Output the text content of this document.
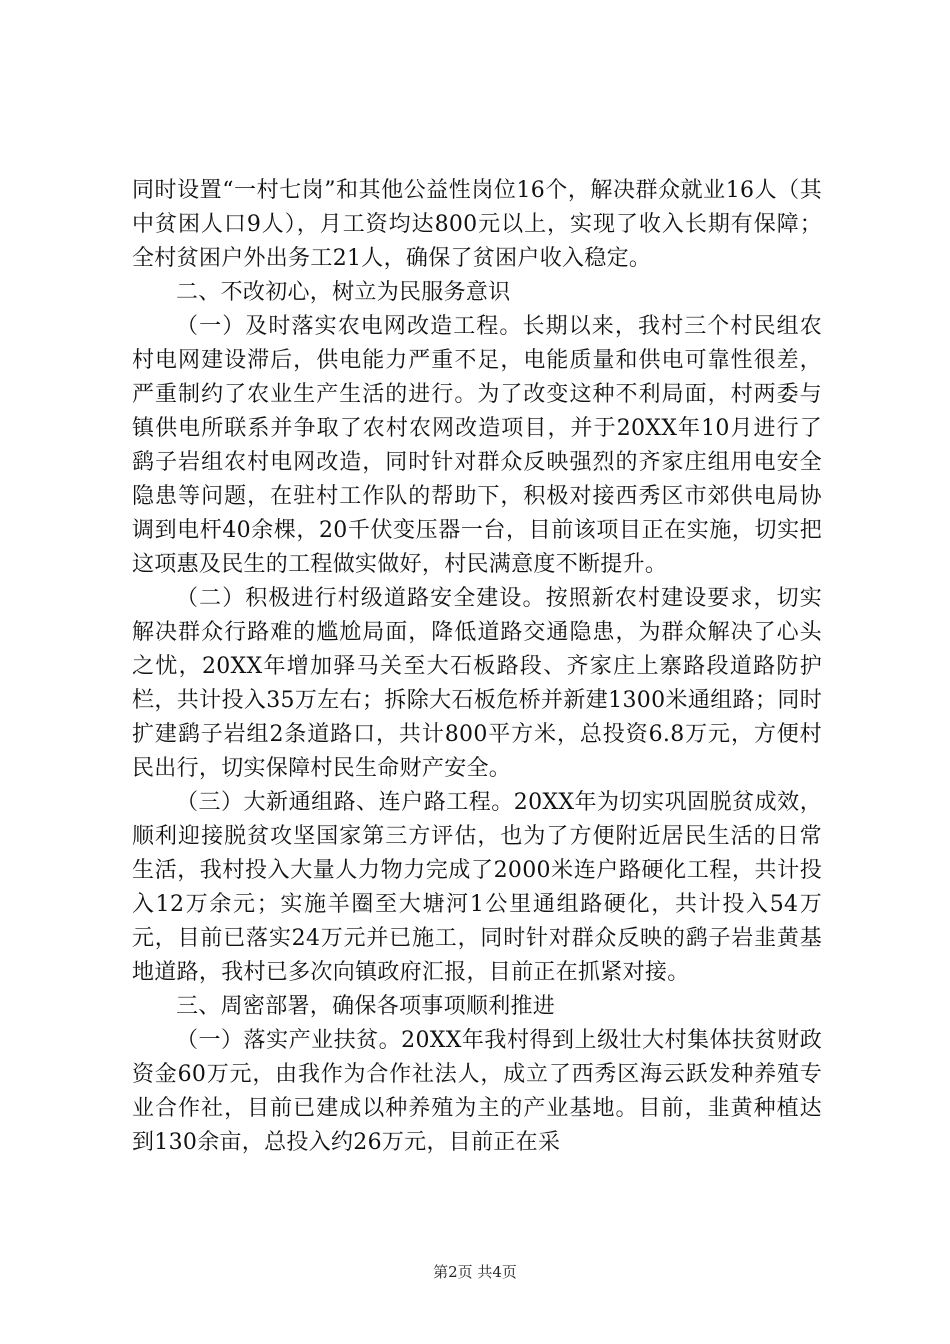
同时设置“一村七岗”和其他公益性岗位16个，解决群众就业16人（其中贫困人口9人），月工资均达800元以上，实现了收入长期有保障；全村贫困户外出务工21人，确保了贫困户收入稳定。

二、不改初心，树立为民服务意识

（一）及时落实农电网改造工程。长期以来，我村三个村民组农村电网建设滞后，供电能力严重不足，电能质量和供电可靠性很差，严重制约了农业生产生活的进行。为了改变这种不利局面，村两委与镇供电所联系并争取了农村农网改造项目，并于20XX年10月进行了鹞子岩组农村电网改造，同时针对群众反映强烈的齐家庄组用电安全隐患等问题，在驻村工作队的帮助下，积极对接西秀区市郊供电局协调到电杆40余棵，20千伏变压器一台，目前该项目正在实施，切实把这项惠及民生的工程做实做好，村民满意度不断提升。

（二）积极进行村级道路安全建设。按照新农村建设要求，切实解决群众行路难的尴尬局面，降低道路交通隐患，为群众解决了心头之忧，20XX年增加驿马关至大石板路段、齐家庄上寨路段道路防护栏，共计投入35万左右；拆除大石板危桥并新建1300米通组路；同时扩建鹞子岩组2条道路口，共计800平方米，总投资6.8万元，方便村民出行，切实保障村民生命财产安全。

（三）大新通组路、连户路工程。20XX年为切实巩固脱贫成效，顺利迎接脱贫攻坚国家第三方评估，也为了方便附近居民生活的日常生活，我村投入大量人力物力完成了2000米连户路硬化工程，共计投入12万余元；实施羊圈至大塘河1公里通组路硬化，共计投入54万元，目前已落实24万元并已施工，同时针对群众反映的鹞子岩韭黄基地道路，我村已多次向镇政府汇报，目前正在抓紧对接。

三、周密部署，确保各项事项顺利推进

（一）落实产业扶贫。20XX年我村得到上级壮大村集体扶贫财政资金60万元，由我作为合作社法人，成立了西秀区海云跃发种养殖专业合作社，目前已建成以种养殖为主的产业基地。目前，韭黄种植达到130余亩，总投入约26万元，目前正在采

第2页 共4页
